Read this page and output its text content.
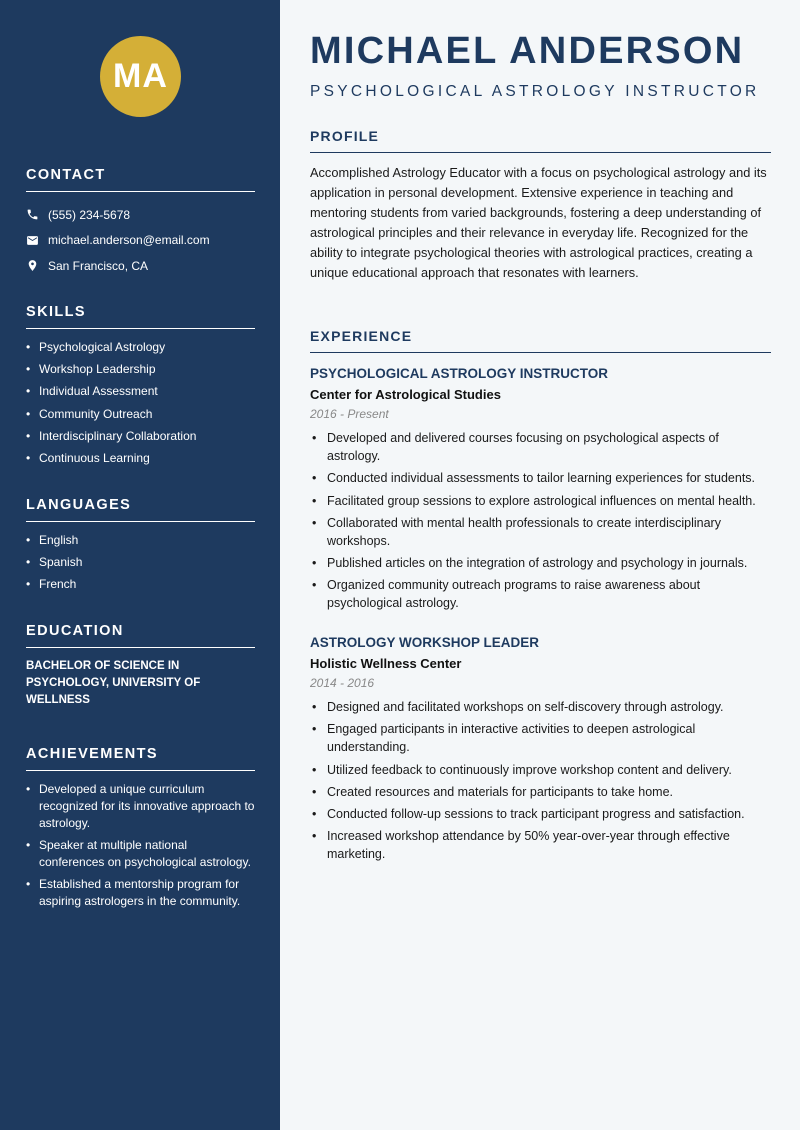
MA
CONTACT
(555) 234-5678
michael.anderson@email.com
San Francisco, CA
SKILLS
• Psychological Astrology
• Workshop Leadership
• Individual Assessment
• Community Outreach
• Interdisciplinary Collaboration
• Continuous Learning
LANGUAGES
• English
• Spanish
• French
EDUCATION
BACHELOR OF SCIENCE IN PSYCHOLOGY, UNIVERSITY OF WELLNESS
ACHIEVEMENTS
• Developed a unique curriculum recognized for its innovative approach to astrology.
• Speaker at multiple national conferences on psychological astrology.
• Established a mentorship program for aspiring astrologers in the community.
MICHAEL ANDERSON
PSYCHOLOGICAL ASTROLOGY INSTRUCTOR
PROFILE
Accomplished Astrology Educator with a focus on psychological astrology and its application in personal development. Extensive experience in teaching and mentoring students from varied backgrounds, fostering a deep understanding of astrological principles and their relevance in everyday life. Recognized for the ability to integrate psychological theories with astrological practices, creating a unique educational approach that resonates with learners.
EXPERIENCE
PSYCHOLOGICAL ASTROLOGY INSTRUCTOR
Center for Astrological Studies
2016 - Present
• Developed and delivered courses focusing on psychological aspects of astrology.
• Conducted individual assessments to tailor learning experiences for students.
• Facilitated group sessions to explore astrological influences on mental health.
• Collaborated with mental health professionals to create interdisciplinary workshops.
• Published articles on the integration of astrology and psychology in journals.
• Organized community outreach programs to raise awareness about psychological astrology.
ASTROLOGY WORKSHOP LEADER
Holistic Wellness Center
2014 - 2016
• Designed and facilitated workshops on self-discovery through astrology.
• Engaged participants in interactive activities to deepen astrological understanding.
• Utilized feedback to continuously improve workshop content and delivery.
• Created resources and materials for participants to take home.
• Conducted follow-up sessions to track participant progress and satisfaction.
• Increased workshop attendance by 50% year-over-year through effective marketing.
